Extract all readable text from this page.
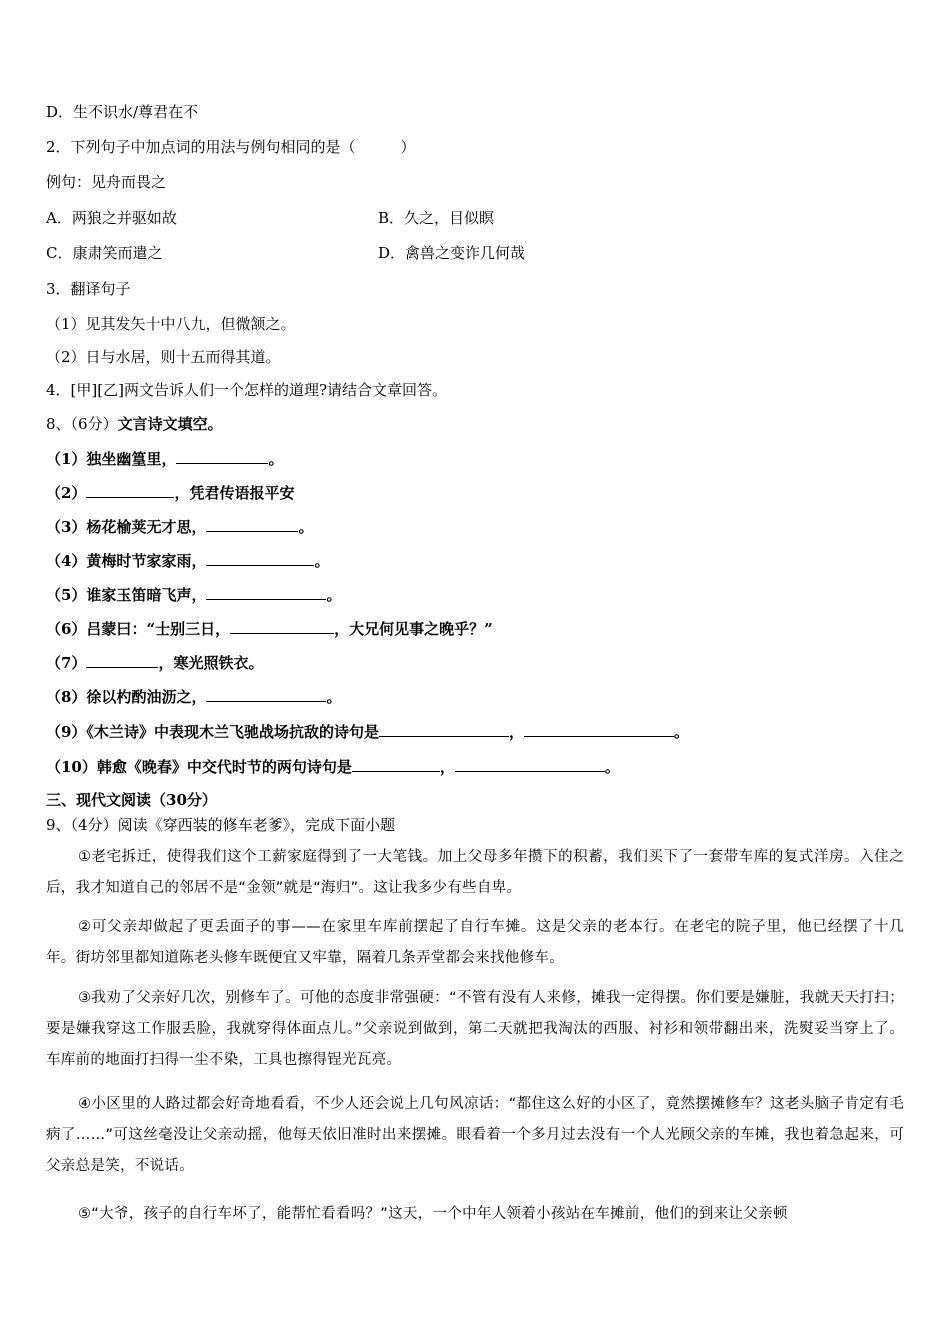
D．生不识水/尊君在不
2．下列句子中加点词的用法与例句相同的是（　　　）
例句：见舟而畏之
A．两狼之并驱如故	B．久之，目似瞑
C．康肃笑而遣之	D．禽兽之变诈几何哉
3．翻译句子
（1）见其发矢十中八九，但微颔之。
（2）日与水居，则十五而得其道。
4．[甲][乙]两文告诉人们一个怎样的道理?请结合文章回答。
8、（6分）文言诗文填空。
（1）独坐幽篁里，	。
（2）	，凭君传语报平安
（3）杨花榆荚无才思，	。
（4）黄梅时节家家雨，	。
（5）谁家玉笛暗飞声，	。
（6）吕蒙曰：“士别三日，	，大兄何见事之晚乎？”
（7）	，寒光照铁衣。
（8）徐以杓酌油沥之，	。
（9）《木兰诗》中表现木兰飞驰战场抗敌的诗句是	，	。
（10）韩愈《晚春》中交代时节的两句诗句是	，	。
三、现代文阅读（30分）
9、（4分）阅读《穿西装的修车老爹》，完成下面小题
①老宅拆迁，使得我们这个工薪家庭得到了一大笔钱。加上父母多年攒下的积蓄，我们买下了一套带车库的复式洋房。入住之后，我才知道自己的邻居不是“金领”就是“海归”。这让我多少有些自卑。
②可父亲却做起了更丢面子的事——在家里车库前摆起了自行车摊。这是父亲的老本行。在老宅的院子里，他已经摆了十几年。街坊邻里都知道陈老头修车既便宜又牢靠，隔着几条弄堂都会来找他修车。
③我劝了父亲好几次，别修车了。可他的态度非常强硬：“不管有没有人来修，摊我一定得摆。你们要是嫌脏，我就天天打扫；要是嫌我穿这工作服丢脸，我就穿得体面点儿。”父亲说到做到，第二天就把我淘汰的西服、衬衫和领带翻出来，洗熨妥当穿上了。车库前的地面打扫得一尘不染，工具也擦得锃光瓦亮。
④小区里的人路过都会好奇地看看，不少人还会说上几句风凉话：“都住这么好的小区了，竟然摆摊修车？这老头脑子肯定有毛病了……”可这丝毫没让父亲动摇，他每天依旧准时出来摆摊。眼看着一个多月过去没有一个人光顾父亲的车摊，我也着急起来，可父亲总是笑，不说话。
⑤“大爷，孩子的自行车坏了，能帮忙看看吗？”这天，一个中年人领着小孩站在车摊前，他们的到来让父亲顿
